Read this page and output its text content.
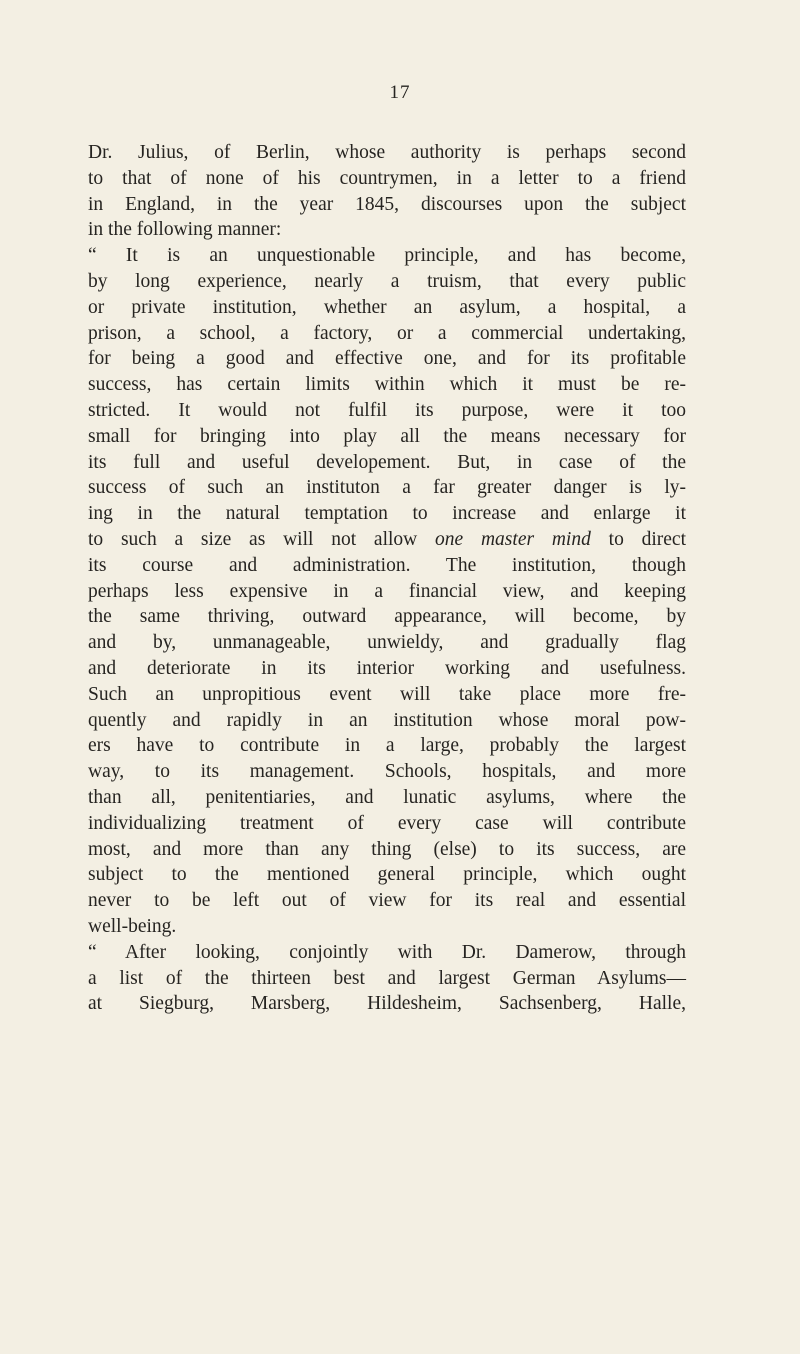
17
Dr. Julius, of Berlin, whose authority is perhaps second
to that of none of his countrymen, in a letter to a friend
in England, in the year 1845, discourses upon the subject
in the following manner:
“ It is an unquestionable principle, and has become,
by long experience, nearly a truism, that every public
or private institution, whether an asylum, a hospital, a
prison, a school, a factory, or a commercial undertaking,
for being a good and effective one, and for its profitable
success, has certain limits within which it must be re-
stricted. It would not fulfil its purpose, were it too
small for bringing into play all the means necessary for
its full and useful developement. But, in case of the
success of such an instituton a far greater danger is ly-
ing in the natural temptation to increase and enlarge it
to such a size as will not allow one master mind to direct
its course and administration. The institution, though
perhaps less expensive in a financial view, and keeping
the same thriving, outward appearance, will become, by
and by, unmanageable, unwieldy, and gradually flag
and deteriorate in its interior working and usefulness.
Such an unpropitious event will take place more fre-
quently and rapidly in an institution whose moral pow-
ers have to contribute in a large, probably the largest
way, to its management. Schools, hospitals, and more
than all, penitentiaries, and lunatic asylums, where the
individualizing treatment of every case will contribute
most, and more than any thing (else) to its success, are
subject to the mentioned general principle, which ought
never to be left out of view for its real and essential
well-being.
“ After looking, conjointly with Dr. Damerow, through
a list of the thirteen best and largest German Asylums—
at Siegburg, Marsberg, Hildesheim, Sachsenberg, Halle,
